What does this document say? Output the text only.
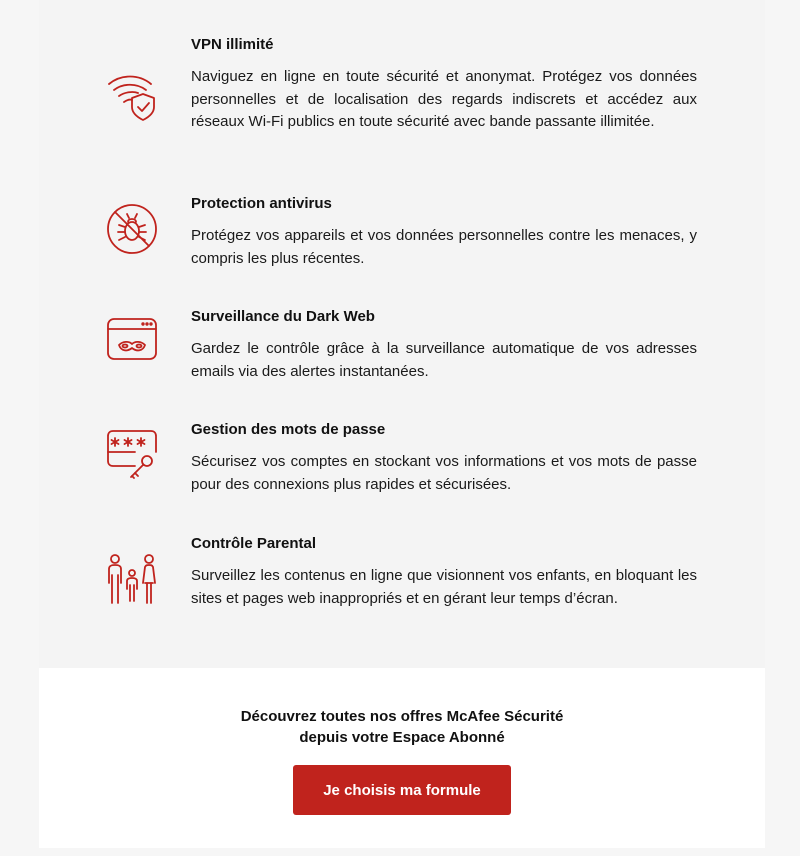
VPN illimité
Naviguez en ligne en toute sécurité et anonymat. Protégez vos données personnelles et de localisation des regards indiscrets et accédez aux réseaux Wi-Fi publics en toute sécurité avec bande passante illimitée.
Protection antivirus
Protégez vos appareils et vos données personnelles contre les menaces, y compris les plus récentes.
Surveillance du Dark Web
Gardez le contrôle grâce à la surveillance automatique de vos adresses emails via des alertes instantanées.
Gestion des mots de passe
Sécurisez vos comptes en stockant vos informations et vos mots de passe pour des connexions plus rapides et sécurisées.
Contrôle Parental
Surveillez les contenus en ligne que visionnent vos enfants, en bloquant les sites et pages web inappropriés et en gérant leur temps d’écran.
Découvrez toutes nos offres McAfee Sécurité
depuis votre Espace Abonné
Je choisis ma formule
